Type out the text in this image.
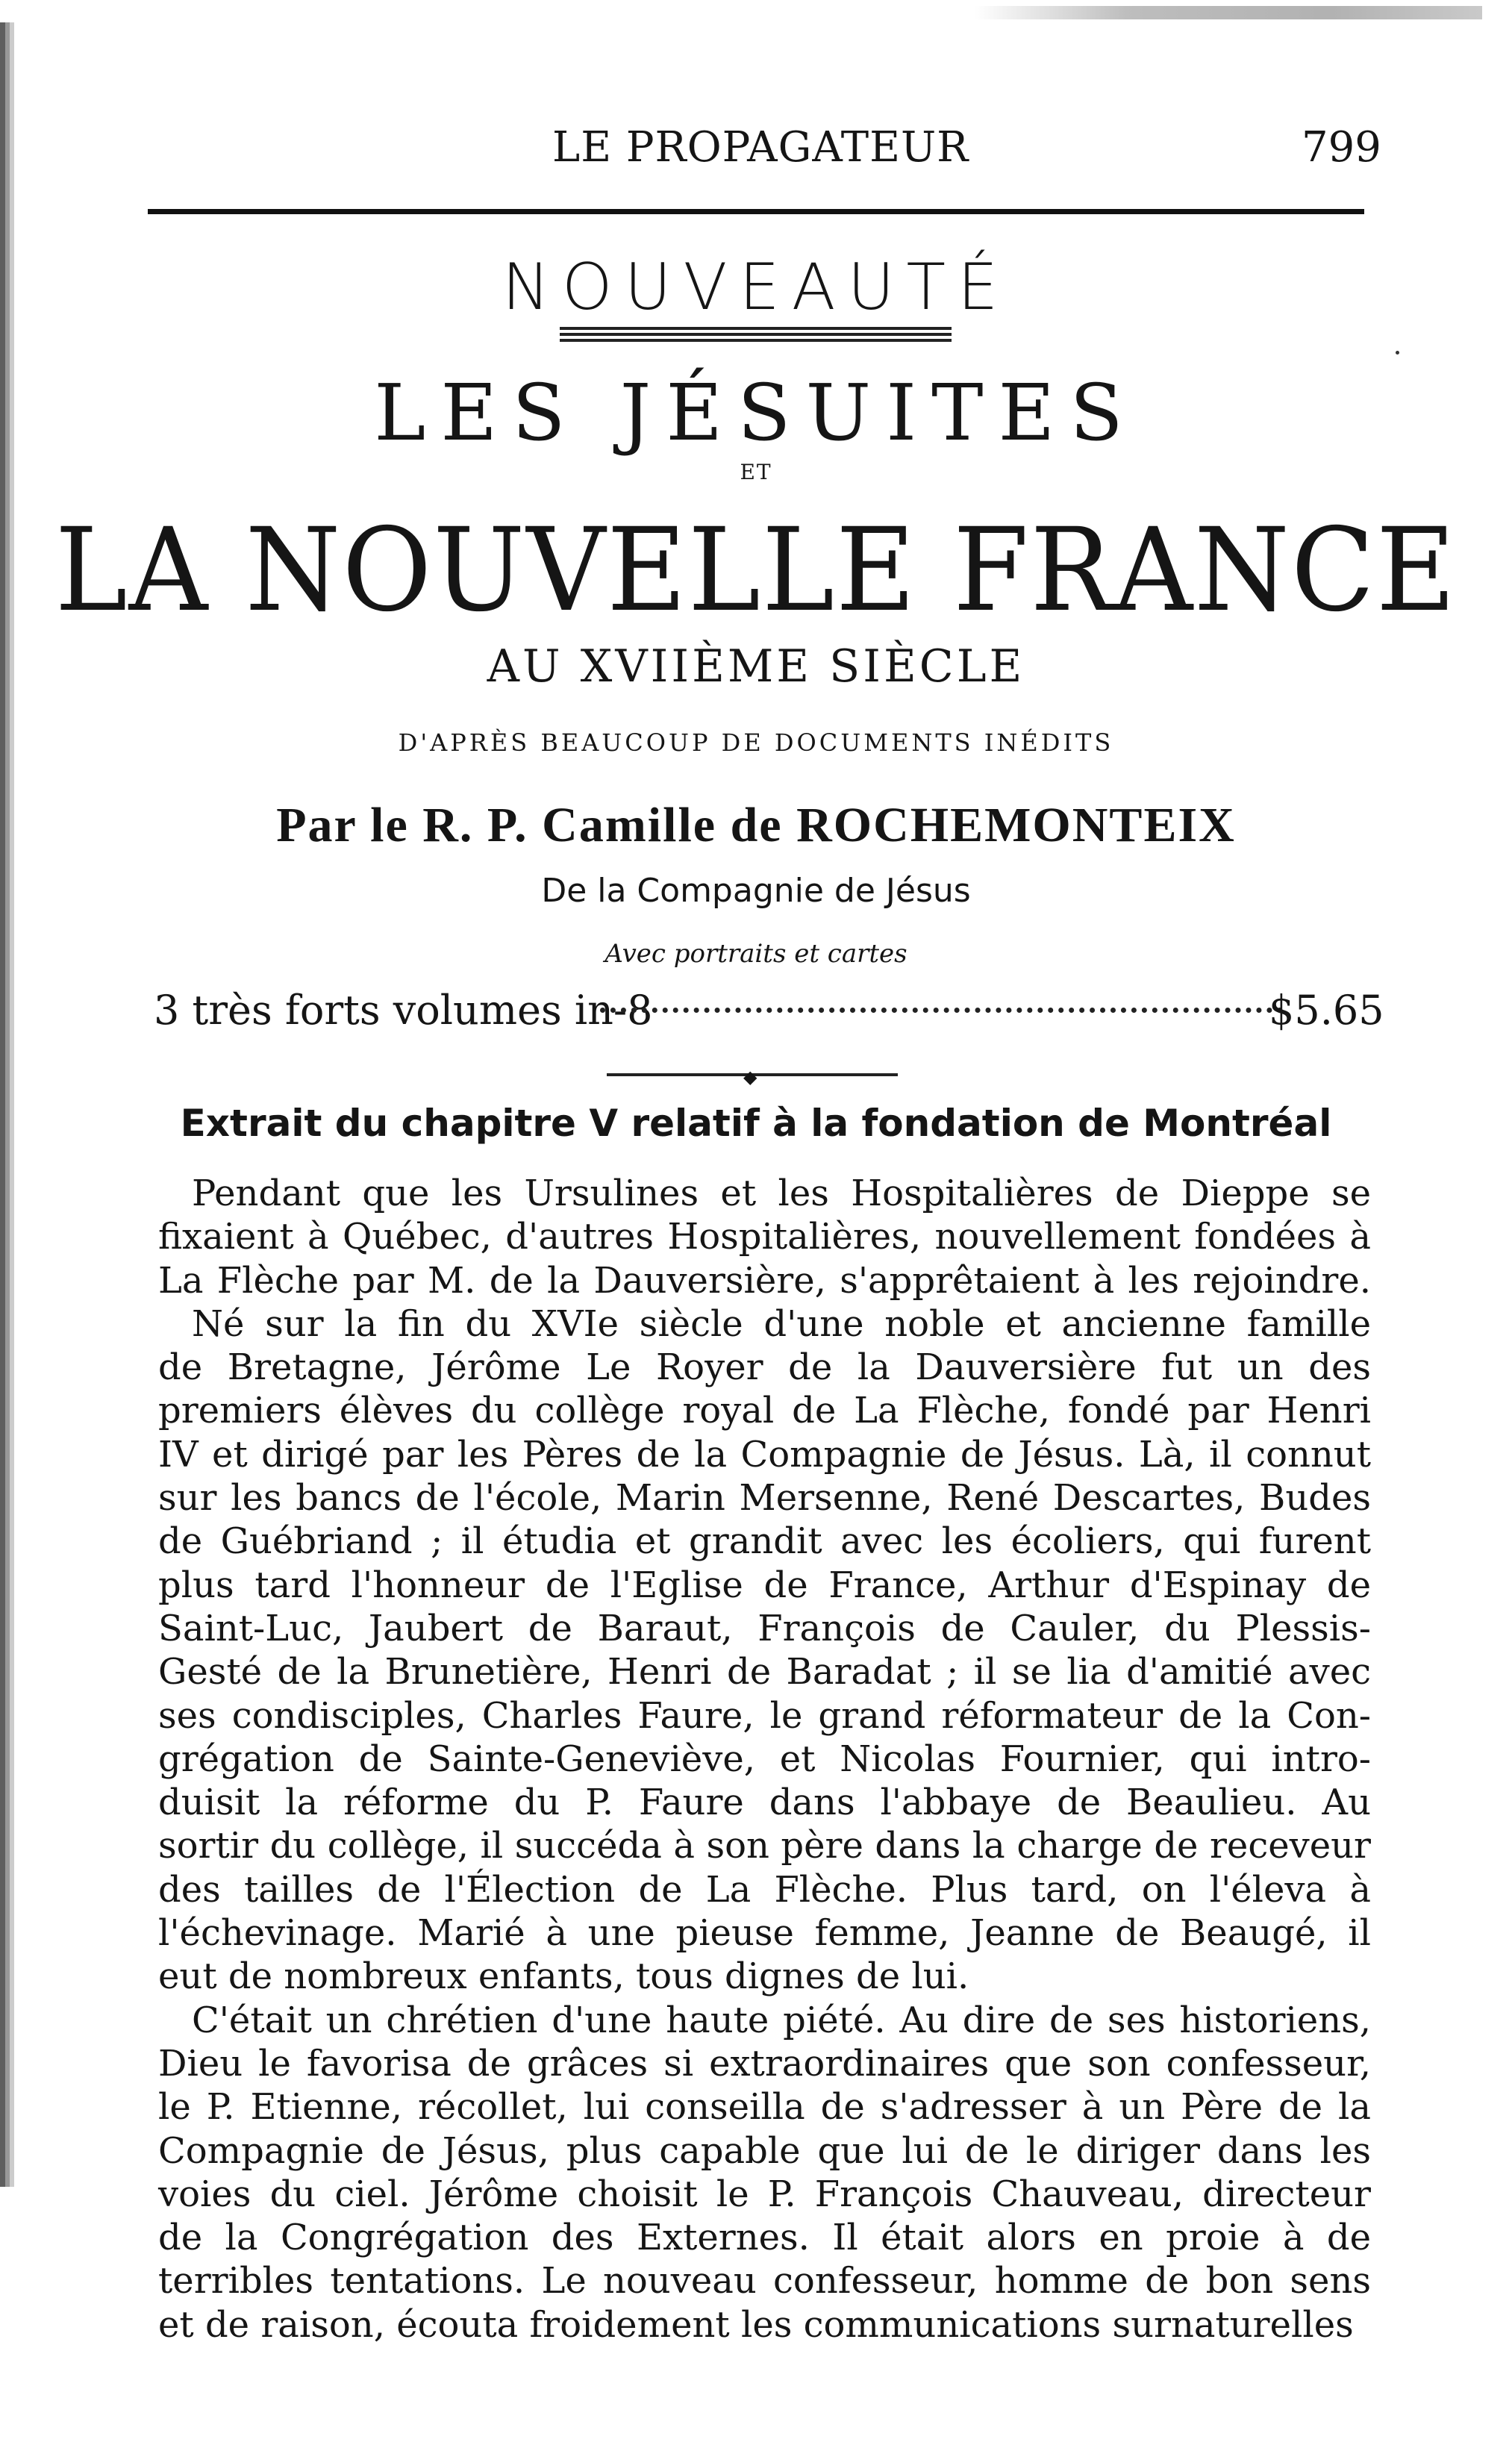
LE PROPAGATEUR	799
NOUVEAUTÉ
LES JÉSUITES
ET
LA NOUVELLE FRANCE
AU XVIIÈME SIÈCLE
D'APRÈS BEAUCOUP DE DOCUMENTS INÉDITS
Par le R. P. Camille de ROCHEMONTEIX
De la Compagnie de Jésus
Avec portraits et cartes
3 très forts volumes in-8	$5.65
◆
Extrait du chapitre V relatif à la fondation de Montréal
Pendant que les Ursulines et les Hospitalières de Dieppe se
fixaient à Québec, d'autres Hospitalières, nouvellement fondées à
La Flèche par M. de la Dauversière, s'apprêtaient à les rejoindre.
Né sur la fin du XVIe siècle d'une noble et ancienne famille
de Bretagne, Jérôme Le Royer de la Dauversière fut un des
premiers élèves du collège royal de La Flèche, fondé par Henri
IV et dirigé par les Pères de la Compagnie de Jésus. Là, il connut
sur les bancs de l'école, Marin Mersenne, René Descartes, Budes
de Guébriand ; il étudia et grandit avec les écoliers, qui furent
plus tard l'honneur de l'Eglise de France, Arthur d'Espinay de
Saint-Luc, Jaubert de Baraut, François de Cauler, du Plessis-
Gesté de la Brunetière, Henri de Baradat ; il se lia d'amitié avec
ses condisciples, Charles Faure, le grand réformateur de la Con-
grégation de Sainte-Geneviève, et Nicolas Fournier, qui intro-
duisit la réforme du P. Faure dans l'abbaye de Beaulieu. Au
sortir du collège, il succéda à son père dans la charge de receveur
des tailles de l'Élection de La Flèche. Plus tard, on l'éleva à
l'échevinage. Marié à une pieuse femme, Jeanne de Beaugé, il
eut de nombreux enfants, tous dignes de lui.
C'était un chrétien d'une haute piété. Au dire de ses historiens,
Dieu le favorisa de grâces si extraordinaires que son confesseur,
le P. Etienne, récollet, lui conseilla de s'adresser à un Père de la
Compagnie de Jésus, plus capable que lui de le diriger dans les
voies du ciel. Jérôme choisit le P. François Chauveau, directeur
de la Congrégation des Externes. Il était alors en proie à de
terribles tentations. Le nouveau confesseur, homme de bon sens
et de raison, écouta froidement les communications surnaturelles
